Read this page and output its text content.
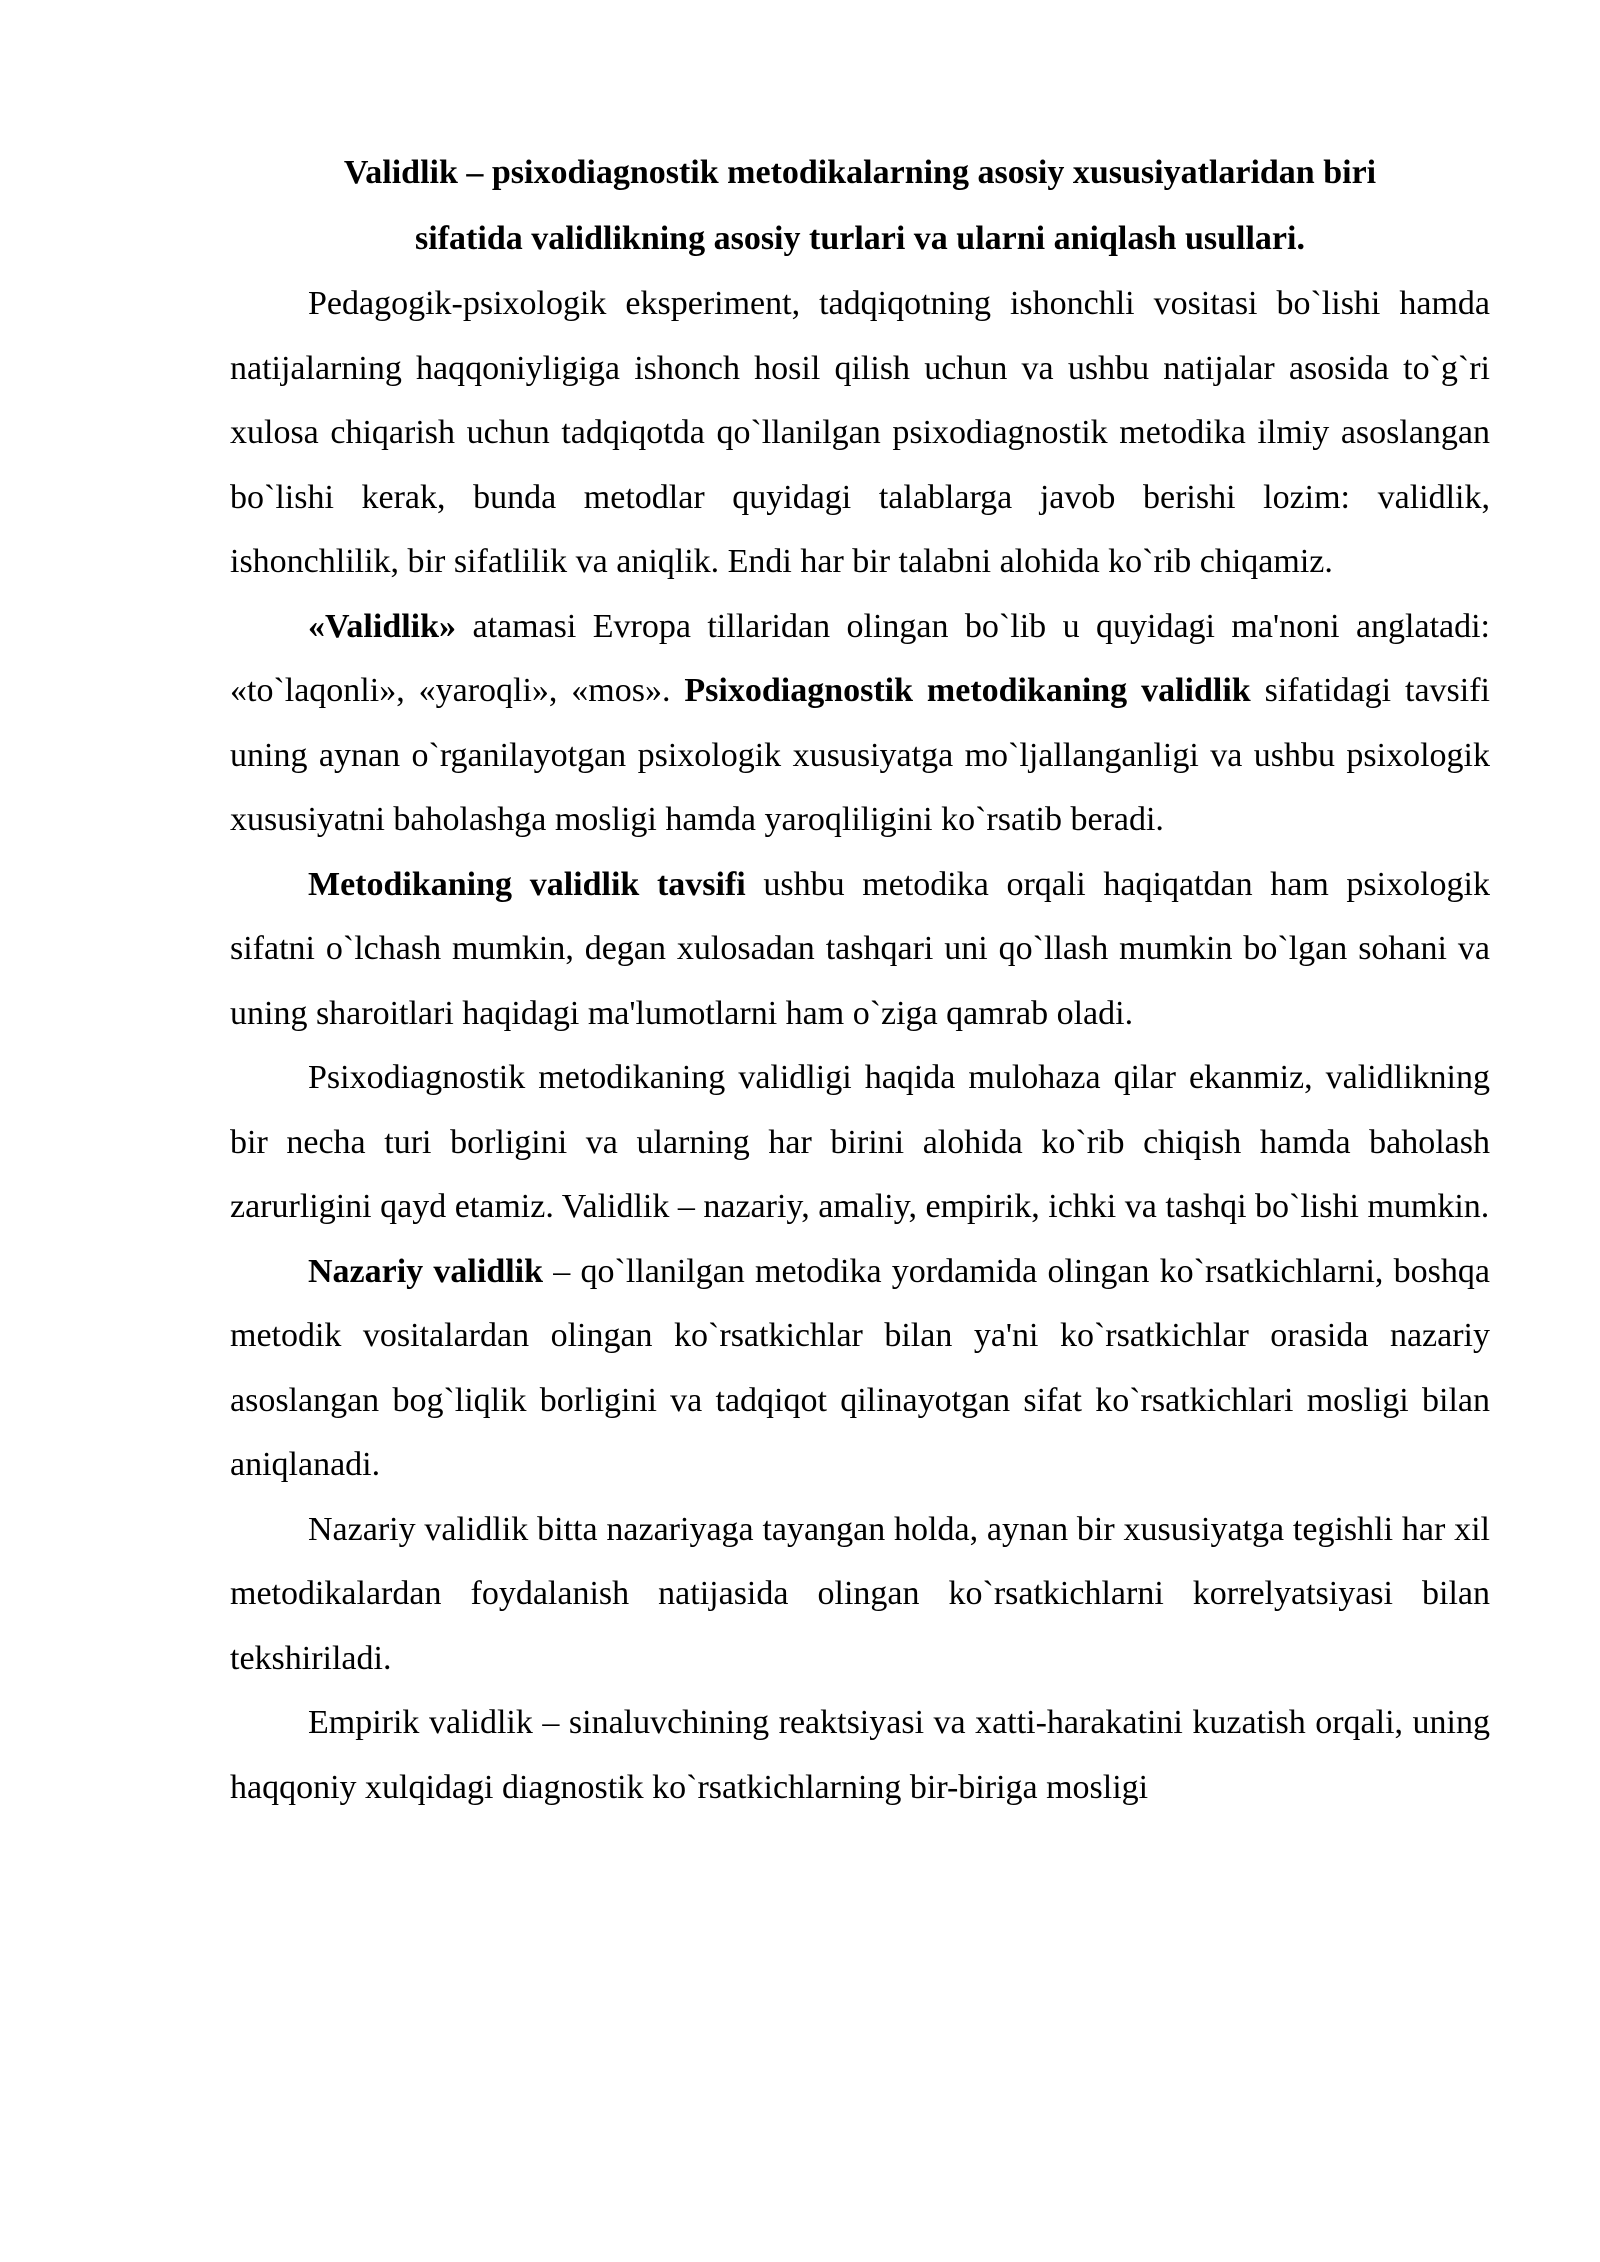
Validlik – psixodiagnostik metodikalarning asosiy xususiyatlaridan biri
sifatida validlikning asosiy turlari va ularni aniqlash usullari.

Pedagogik-psixologik eksperiment, tadqiqotning ishonchli vositasi bo`lishi hamda natijalarning haqqoniyligiga ishonch hosil qilish uchun va ushbu natijalar asosida to`g`ri xulosa chiqarish uchun tadqiqotda qo`llanilgan psixodiagnostik metodika ilmiy asoslangan bo`lishi kerak, bunda metodlar quyidagi talablarga javob berishi lozim: validlik, ishonchlilik, bir sifatlilik va aniqlik. Endi har bir talabni alohida ko`rib chiqamiz.

«Validlik» atamasi Evropa tillaridan olingan bo`lib u quyidagi ma'noni anglatadi: «to`laqonli», «yaroqli», «mos». Psixodiagnostik metodikaning validlik sifatidagi tavsifi uning aynan o`rganilayotgan psixologik xususiyatga mo`ljallanganligi va ushbu psixologik xususiyatni baholashga mosligi hamda yaroqliligini ko`rsatib beradi.

Metodikaning validlik tavsifi ushbu metodika orqali haqiqatdan ham psixologik sifatni o`lchash mumkin, degan xulosadan tashqari uni qo`llash mumkin bo`lgan sohani va uning sharoitlari haqidagi ma'lumotlarni ham o`ziga qamrab oladi.

Psixodiagnostik metodikaning validligi haqida mulohaza qilar ekanmiz, validlikning bir necha turi borligini va ularning har birini alohida ko`rib chiqish hamda baholash zarurligini qayd etamiz. Validlik – nazariy, amaliy, empirik, ichki va tashqi bo`lishi mumkin.

Nazariy validlik – qo`llanilgan metodika yordamida olingan ko`rsatkichlarni, boshqa metodik vositalardan olingan ko`rsatkichlar bilan ya'ni ko`rsatkichlar orasida nazariy asoslangan bog`liqlik borligini va tadqiqot qilinayotgan sifat ko`rsatkichlari mosligi bilan aniqlanadi.

Nazariy validlik bitta nazariyaga tayangan holda, aynan bir xususiyatga tegishli har xil metodikalardan foydalanish natijasida olingan ko`rsatkichlarni korrelyatsiyasi bilan tekshiriladi.

Empirik validlik – sinaluvchining reaktsiyasi va xatti-harakatini kuzatish orqali, uning haqqoniy xulqidagi diagnostik ko`rsatkichlarning bir-biriga mosligi
